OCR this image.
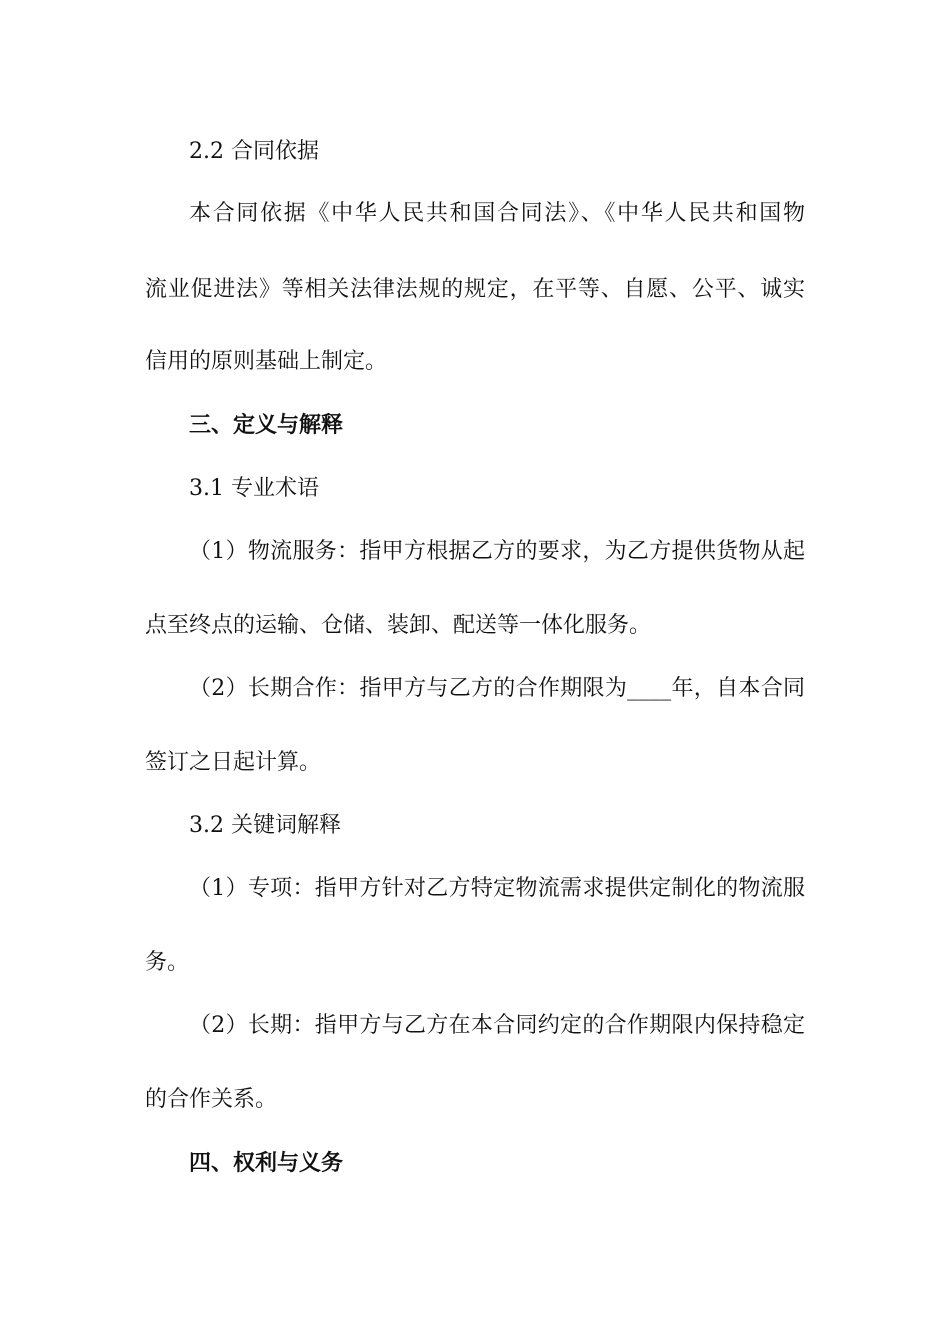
2.2 合同依据
本合同依据《中华人民共和国合同法》、《中华人民共和国物
流业促进法》等相关法律法规的规定，在平等、自愿、公平、诚实
信用的原则基础上制定。
三、定义与解释
3.1 专业术语
（1）物流服务：指甲方根据乙方的要求，为乙方提供货物从起
点至终点的运输、仓储、装卸、配送等一体化服务。
（2）长期合作：指甲方与乙方的合作期限为____年，自本合同
签订之日起计算。
3.2 关键词解释
（1）专项：指甲方针对乙方特定物流需求提供定制化的物流服
务。
（2）长期：指甲方与乙方在本合同约定的合作期限内保持稳定
的合作关系。
四、权利与义务
